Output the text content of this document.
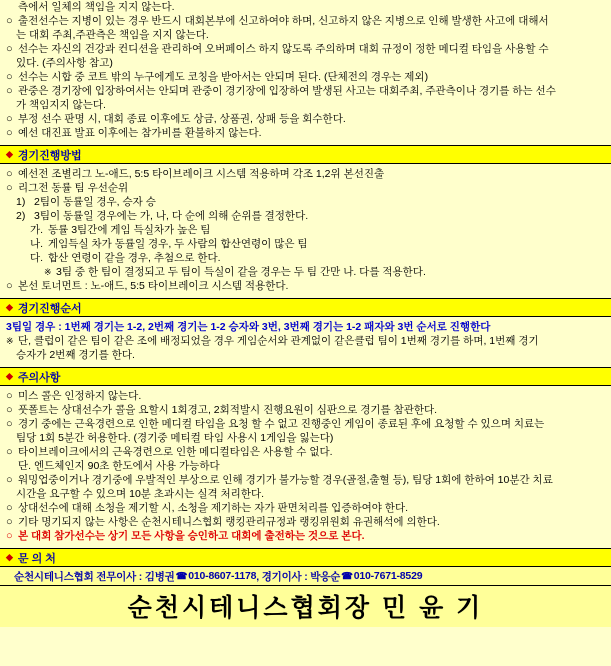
측에서 일체의 책임을 지지 않는다.
○ 출전선수는 지병이 있는 경우 반드시 대회본부에 신고하여야 하며, 신고하지 않은 지병으로 인해 발생한 사고에 대해서
는 대회 주최,주관측은 책임을 지지 않는다.
○ 선수는 자신의 건강과 컨디션을 관리하여 오버페이스 하지 않도록 주의하며 대회 규정이 정한 메디컬 타임을 사용할 수
있다. (주의사항 참고)
○ 선수는 시합 중 코트 밖의 누구에게도 코칭을 받아서는 안되며 된다. (단체전의 경우는 제외)
○ 관중은 경기장에 입장하여서는 안되며 관중이 경기장에 입장하여 발생된 사고는 대회주최, 주관측이나 경기를 하는 선수
가 책임지지 않는다.
○ 부정 선수 판명 시, 대회 종료 이후에도 상금, 상품권, 상패 등을 회수한다.
○ 예선 대진표 발표 이후에는 참가비를 환불하지 않는다.
◆ 경기진행방법
○ 예선전 조별리그 노-애드, 5:5 타이브레이크 시스템 적용하며 각조 1,2위 본선진출
○ 리그전 동률 팀 우선순위
1) 2팀이 동률일 경우, 승자 승
2) 3팀이 동률일 경우에는 가, 나, 다 순에 의해 순위를 결정한다.
가. 동률 3팀간에 게임 득실차가 높은 팀
나. 게임득실 차가 동률일 경우, 두 사람의 합산연령이 많은 팀
다. 합산 연령이 같을 경우, 추첨으로 한다.
※ 3팀 중 한 팀이 결정되고 두 팀이 득실이 같을 경우는 두 팀 간만 나. 다를 적용한다.
○ 본선 토너먼트 : 노-애드, 5:5 타이브레이크 시스템 적용한다.
◆ 경기진행순서
3팀일 경우 : 1번째 경기는 1-2, 2번째 경기는 1-2 승자와 3번, 3번째 경기는 1-2 패자와 3번 순서로 진행한다
※ 단, 클럽이 같은 팀이 같은 조에 배정되었을 경우 게임순서와 관계없이 같은클럽 팀이 1번째 경기를 하며, 1번째 경기
승자가 2번째 경기를 한다.
◆ 주의사항
○ 미스 콜은 인정하지 않는다.
○ 풋폴트는 상대선수가 콜을 요할시 1회경고, 2회적발시 진행요원이 심판으로 경기를 참관한다.
○ 경기 중에는 근육경련으로 인한 메디컬 타임을 요청 할 수 없고 진행중인 게임이 종료된 후에 요청할 수 있으며 치료는
팀당 1회 5분간 허용한다. (경기중 메티컬 타임 사용시 1게임을 잃는다)
○ 타이브레이크에서의 근육경련으로 인한 메디컬타임은 사용할 수 없다.
단. 엔드체인지 90초 한도에서 사용 가능하다
○ 워밍업중이거나 경기중에 우발적인 부상으로 인해 경기가 불가능할 경우(골절,출혈 등), 팀당 1회에 한하여 10분간 치료
시간을 요구할 수 있으며 10분 초과시는 실격 처리한다.
○ 상대선수에 대해 소청을 제기할 시, 소청을 제기하는 자가 판면처리를 입증하여야 한다.
○ 기타 명기되지 않는 사항은 순천시테니스협회 랭킹관리규정과 랭킹위원회 유권해석에 의한다.
○ 본 대회 참가선수는 상기 모든 사항을 승인하고 대회에 출전하는 것으로 본다.
◆ 문 의 처
순천시테니스협회 전무이사 : 김병권 ☎ 010-8607-1178 , 경기이사 : 박응순 ☎ 010-7671-8529
순천시테니스협회장 민 윤 기
